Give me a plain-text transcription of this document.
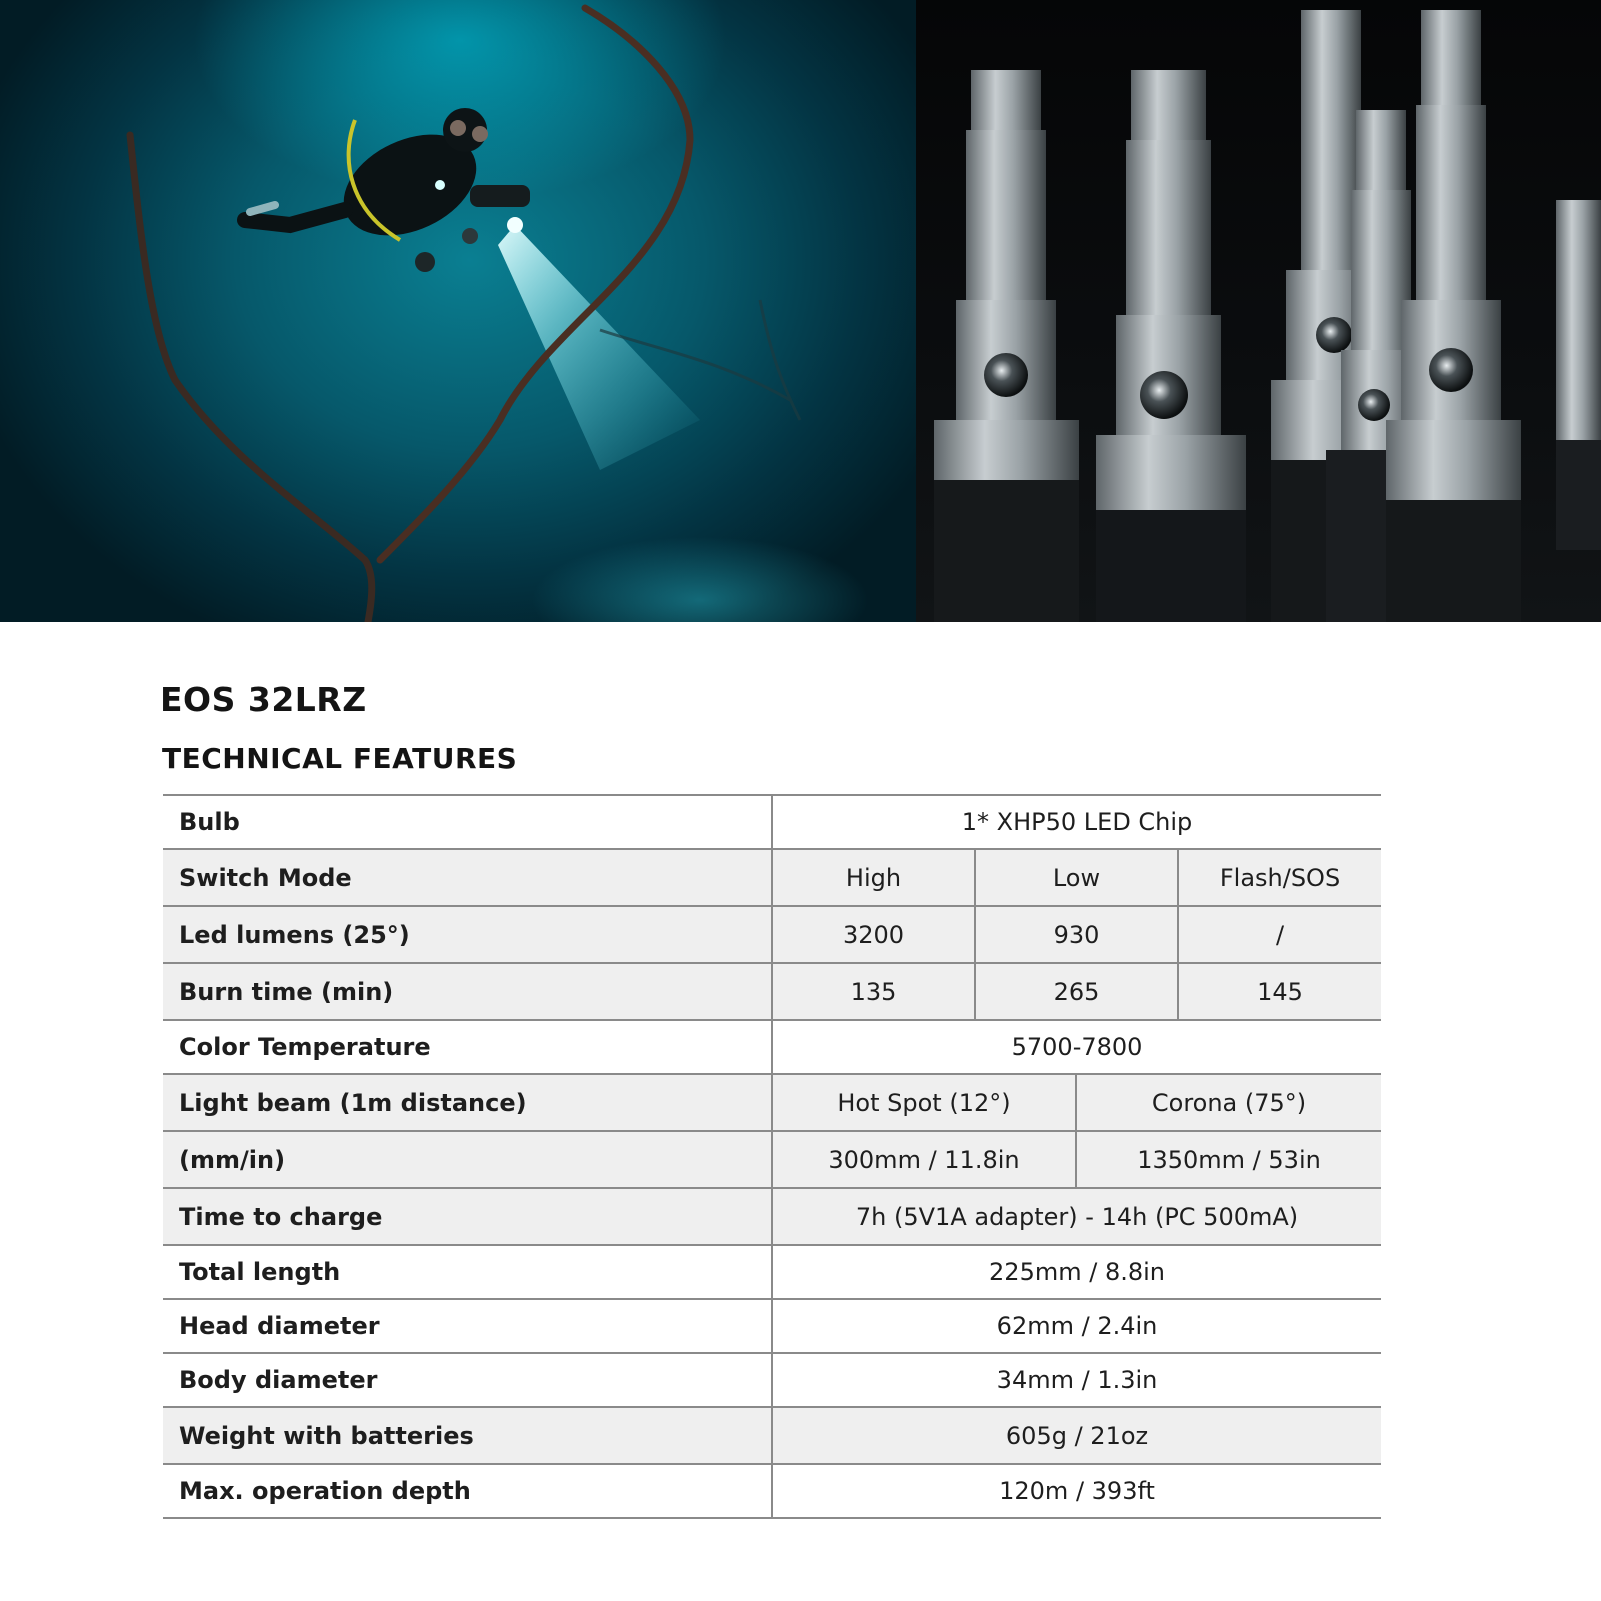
EOS 32LRZ
TECHNICAL FEATURES
Bulb	1* XHP50 LED Chip			
Switch Mode	High	Low		Flash/SOS
Led lumens (25°)	3200	930		/
Burn time (min)	135	265		145
Color Temperature	5700-7800			
Light beam (1m distance)	Hot Spot (12°)		Corona (75°)	
(mm/in)	300mm / 11.8in		1350mm / 53in	
Time to charge	7h (5V1A adapter) - 14h (PC 500mA)			
Total length	225mm / 8.8in			
Head diameter	62mm / 2.4in			
Body diameter	34mm / 1.3in			
Weight with batteries	605g / 21oz			
Max. operation depth	120m / 393ft			
